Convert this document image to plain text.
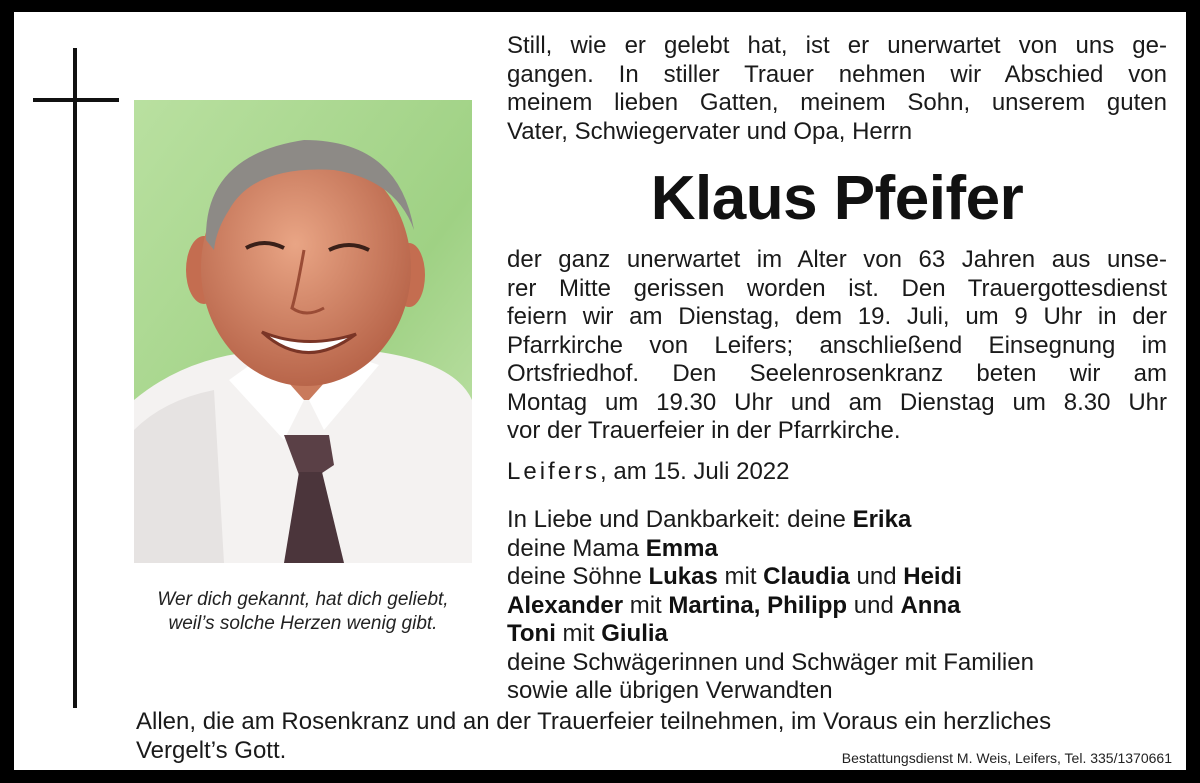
Still, wie er gelebt hat, ist er unerwartet von uns ge-
gangen. In stiller Trauer nehmen wir Abschied von
meinem lieben Gatten, meinem Sohn, unserem guten
Vater, Schwiegervater und Opa, Herrn
Klaus Pfeifer
der ganz unerwartet im Alter von 63 Jahren aus unse-
rer Mitte gerissen worden ist. Den Trauergottesdienst
feiern wir am Dienstag, dem 19. Juli, um 9 Uhr in der
Pfarrkirche von Leifers; anschließend Einsegnung im
Ortsfriedhof. Den Seelenrosenkranz beten wir am
Montag um 19.30 Uhr und am Dienstag um 8.30 Uhr
vor der Trauerfeier in der Pfarrkirche.
Leifers, am 15. Juli 2022
In Liebe und Dankbarkeit: deine Erika
deine Mama Emma
deine Söhne Lukas mit Claudia und Heidi
Alexander mit Martina, Philipp und Anna
Toni mit Giulia
deine Schwägerinnen und Schwäger mit Familien
sowie alle übrigen Verwandten
Wer dich gekannt, hat dich geliebt,
weil’s solche Herzen wenig gibt.
Allen, die am Rosenkranz und an der Trauerfeier teilnehmen, im Voraus ein herzliches
Vergelt’s Gott.	Bestattungsdienst M. Weis, Leifers, Tel. 335/1370661
